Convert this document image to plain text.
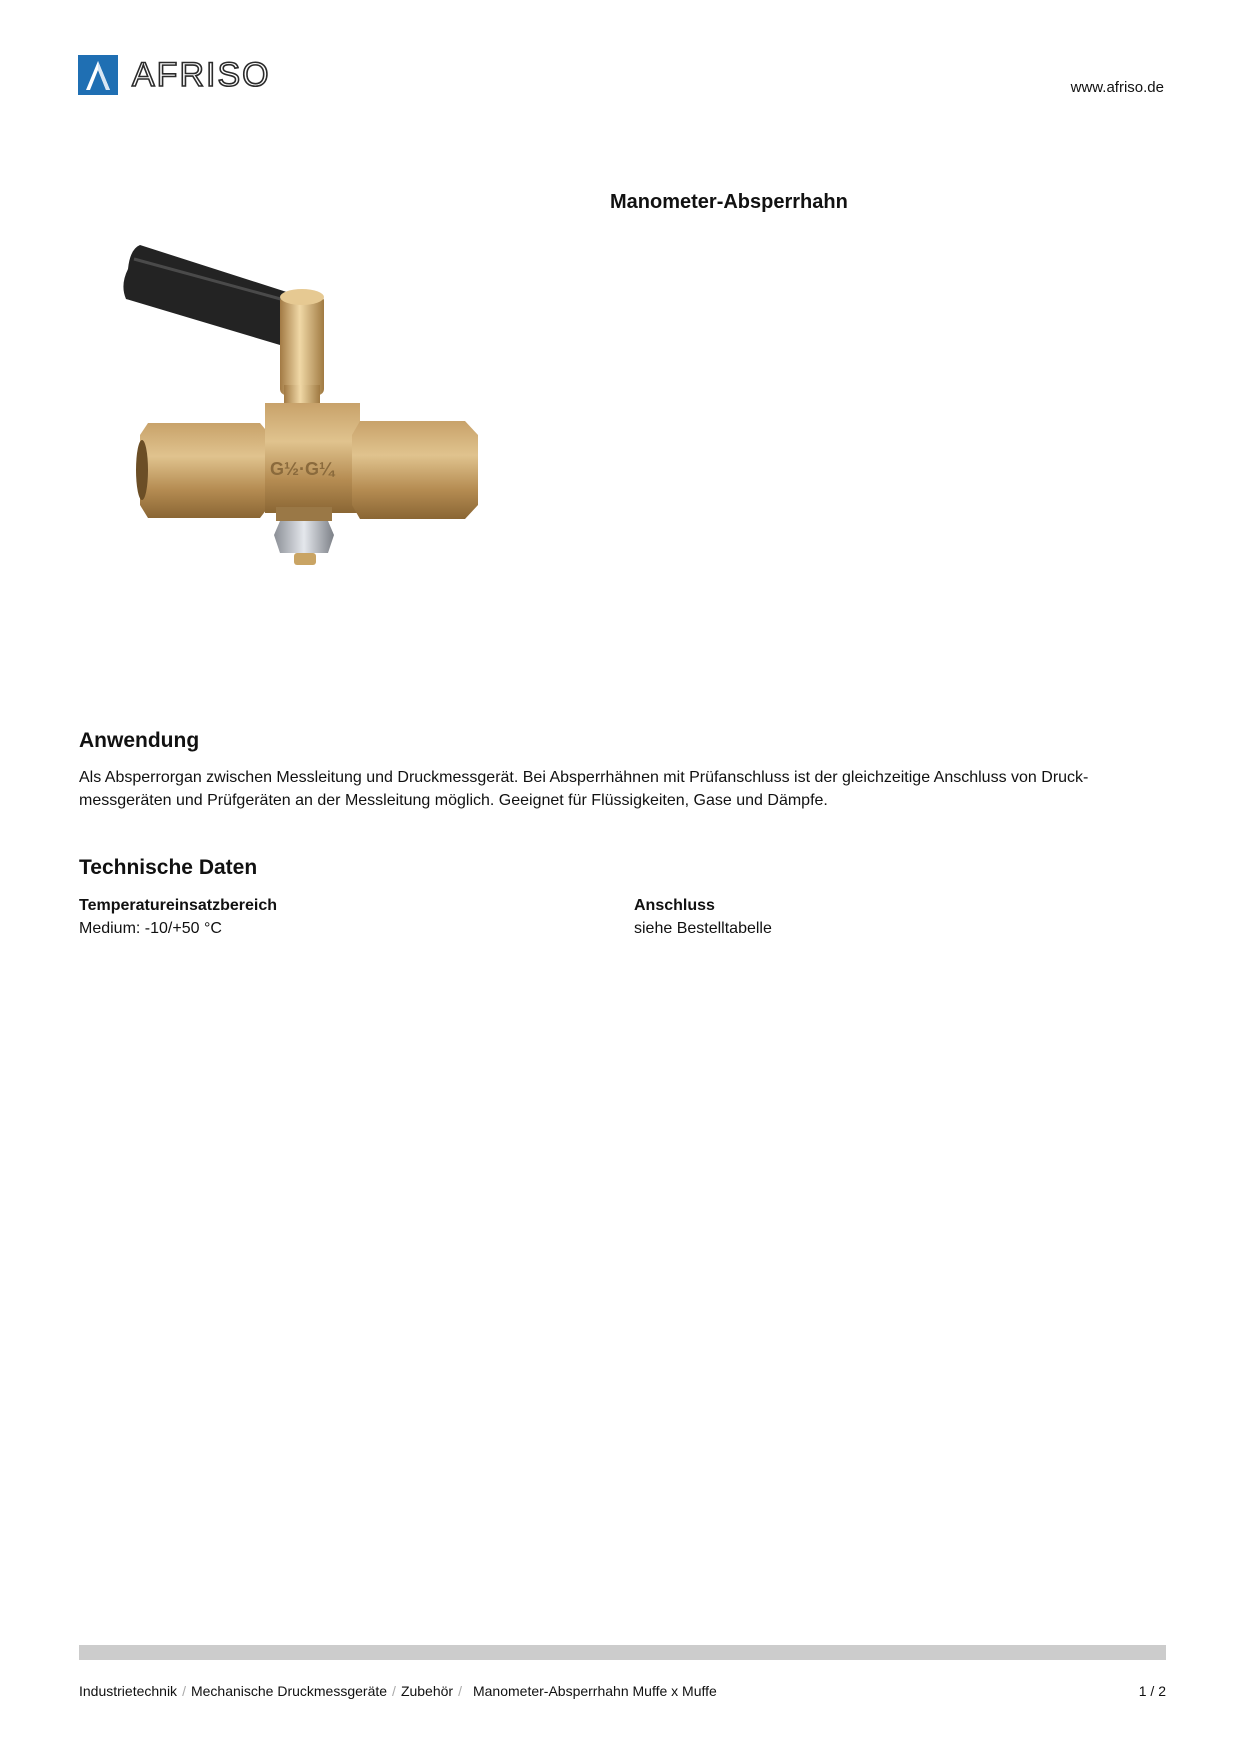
AFRISO	www.afriso.de
Manometer-Absperrhahn
G½·G¼
Anwendung
Als Absperrorgan zwischen Messleitung und Druckmessgerät. Bei Absperrhähnen mit Prüfanschluss ist der gleichzeitige Anschluss von Druck-messgeräten und Prüfgeräten an der Messleitung möglich. Geeignet für Flüssigkeiten, Gase und Dämpfe.
Technische Daten
Temperatureinsatzbereich
Medium: -10/+50 °C
Anschluss
siehe Bestelltabelle
Industrietechnik / Mechanische Druckmessgeräte / Zubehör / Manometer-Absperrhahn Muffe x Muffe	1 / 2
